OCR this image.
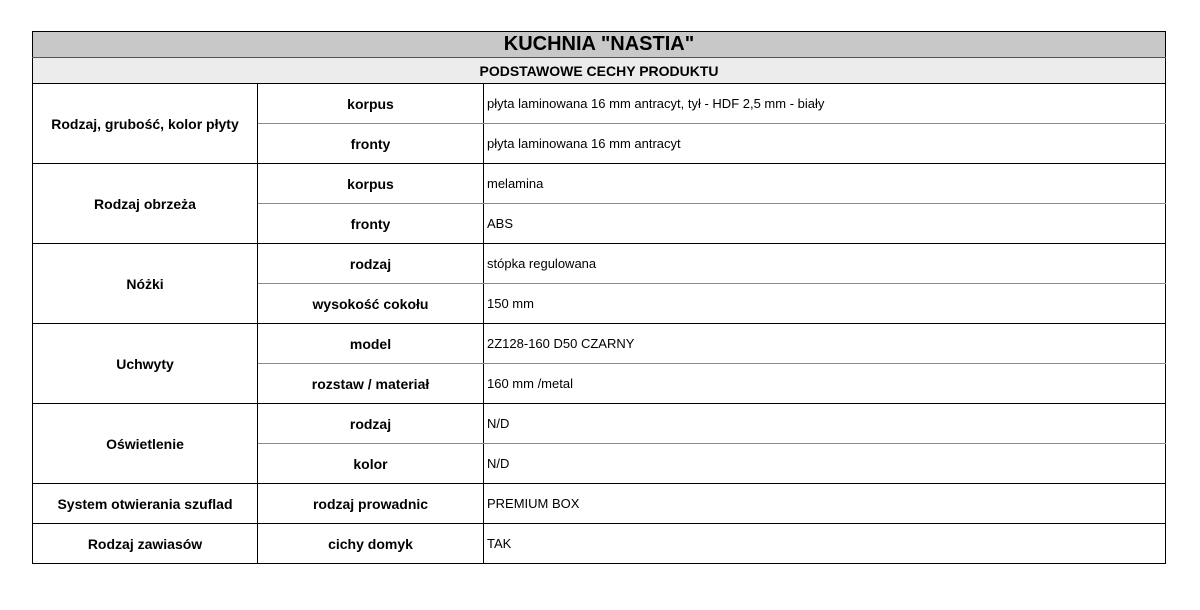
KUCHNIA "NASTIA"		
PODSTAWOWE CECHY PRODUKTU		
Rodzaj, grubość, kolor płyty	korpus	płyta laminowana 16 mm antracyt, tył - HDF 2,5 mm - biały
	fronty	płyta laminowana 16 mm antracyt
Rodzaj obrzeża	korpus	melamina
	fronty	ABS
Nóżki	rodzaj	stópka regulowana
	wysokość cokołu	150 mm
Uchwyty	model	2Z128-160 D50 CZARNY
	rozstaw / materiał	160 mm /metal
Oświetlenie	rodzaj	N/D
	kolor	N/D
System otwierania szuflad	rodzaj prowadnic	PREMIUM BOX
Rodzaj zawiasów	cichy domyk	TAK
